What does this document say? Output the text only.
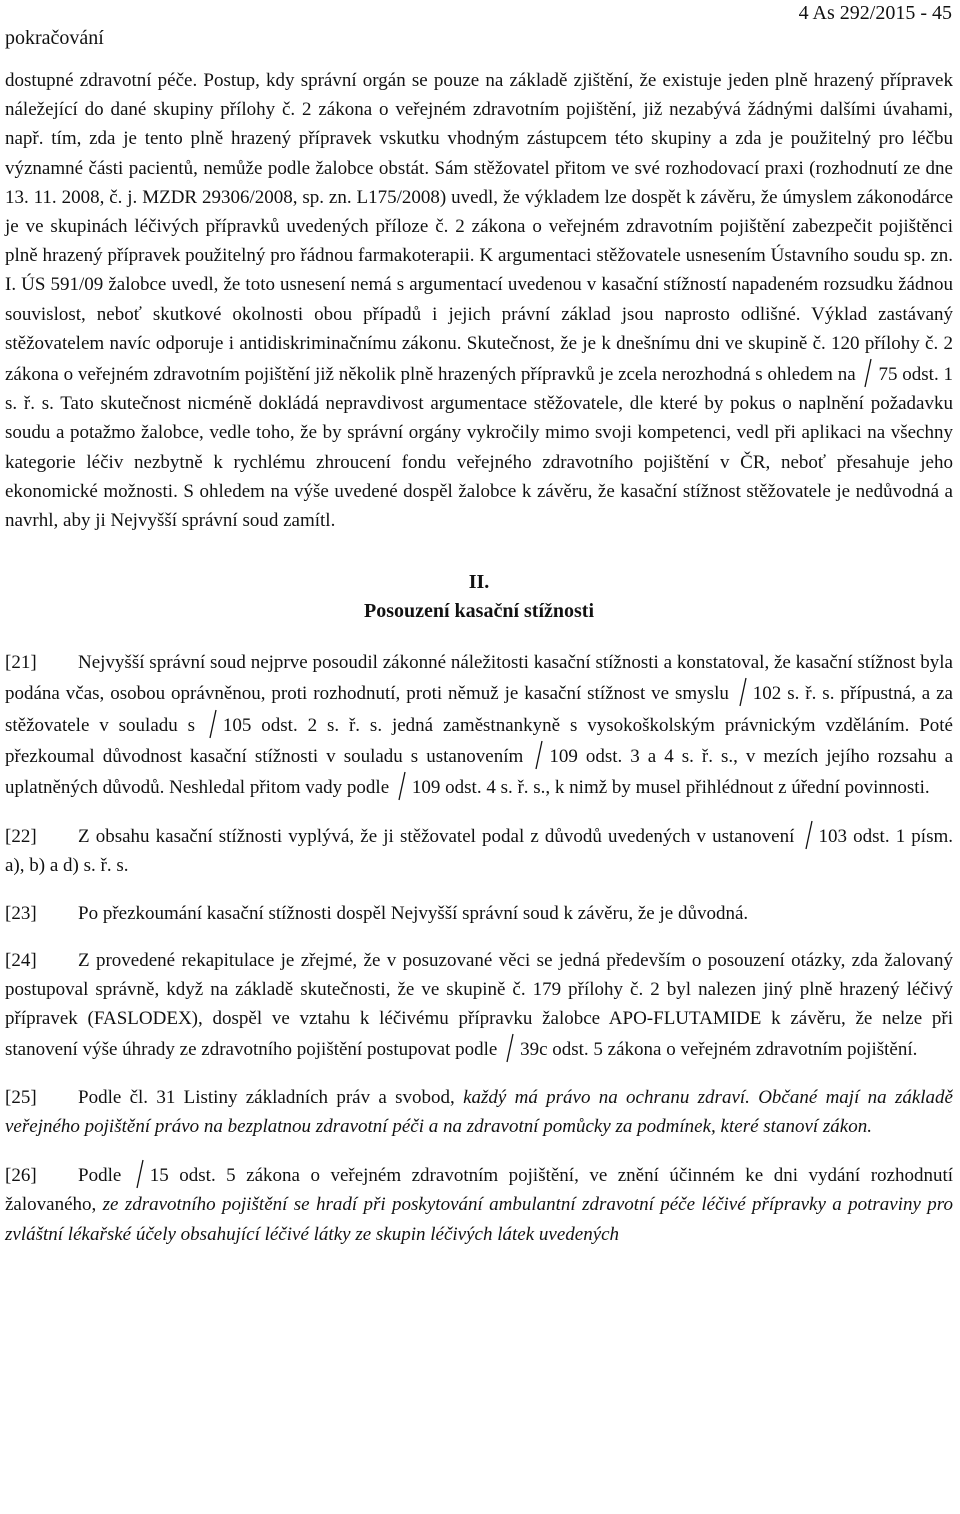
pokračování
4 As 292/2015 - 45

dostupné zdravotní péče. Postup, kdy správní orgán se pouze na základě zjištění, že existuje jeden plně hrazený přípravek náležející do dané skupiny přílohy č. 2 zákona o veřejném zdravotním pojištění, již nezabývá žádnými dalšími úvahami, např. tím, zda je tento plně hrazený přípravek vskutku vhodným zástupcem této skupiny a zda je použitelný pro léčbu významné části pacientů, nemůže podle žalobce obstát. Sám stěžovatel přitom ve své rozhodovací praxi (rozhodnutí ze dne 13. 11. 2008, č. j. MZDR 29306/2008, sp. zn. L175/2008) uvedl, že výkladem lze dospět k závěru, že úmyslem zákonodárce je ve skupinách léčivých přípravků uvedených příloze č. 2 zákona o veřejném zdravotním pojištění zabezpečit pojištěnci plně hrazený přípravek použitelný pro řádnou farmakoterapii. K argumentaci stěžovatele usnesením Ústavního soudu sp. zn. I. ÚS 591/09 žalobce uvedl, že toto usnesení nemá s argumentací uvedenou v kasační stížností napadeném rozsudku žádnou souvislost, neboť skutkové okolnosti obou případů i jejich právní základ jsou naprosto odlišné. Výklad zastávaný stěžovatelem navíc odporuje i antidiskriminačnímu zákonu. Skutečnost, že je k dnešnímu dni ve skupině č. 120 přílohy č. 2 zákona o veřejném zdravotním pojištění již několik plně hrazených přípravků je zcela nerozhodná s ohledem na 75 odst. 1 s. ř. s. Tato skutečnost nicméně dokládá nepravdivost argumentace stěžovatele, dle které by pokus o naplnění požadavku soudu a potažmo žalobce, vedle toho, že by správní orgány vykročily mimo svoji kompetenci, vedl při aplikaci na všechny kategorie léčiv nezbytně k rychlému zhroucení fondu veřejného zdravotního pojištění v ČR, neboť přesahuje jeho ekonomické možnosti. S ohledem na výše uvedené dospěl žalobce k závěru, že kasační stížnost stěžovatele je nedůvodná a navrhl, aby ji Nejvyšší správní soud zamítl.

II.

Posouzení kasační stížnosti

[21] Nejvyšší správní soud nejprve posoudil zákonné náležitosti kasační stížnosti a konstatoval, že kasační stížnost byla podána včas, osobou oprávněnou, proti rozhodnutí, proti němuž je kasační stížnost ve smyslu 102 s. ř. s. přípustná, a za stěžovatele v souladu s 105 odst. 2 s. ř. s. jedná zaměstnankyně s vysokoškolským právnickým vzděláním. Poté přezkoumal důvodnost kasační stížnosti v souladu s ustanovením 109 odst. 3 a 4 s. ř. s., v mezích jejího rozsahu a uplatněných důvodů. Neshledal přitom vady podle 109 odst. 4 s. ř. s., k nimž by musel přihlédnout z úřední povinnosti.

[22] Z obsahu kasační stížnosti vyplývá, že ji stěžovatel podal z důvodů uvedených v ustanovení 103 odst. 1 písm. a), b) a d) s. ř. s.

[23] Po přezkoumání kasační stížnosti dospěl Nejvyšší správní soud k závěru, že je důvodná.

[24] Z provedené rekapitulace je zřejmé, že v posuzované věci se jedná především o posouzení otázky, zda žalovaný postupoval správně, když na základě skutečnosti, že ve skupině č. 179 přílohy č. 2 byl nalezen jiný plně hrazený léčivý přípravek (FASLODEX), dospěl ve vztahu k léčivému přípravku žalobce APO-FLUTAMIDE k závěru, že nelze při stanovení výše úhrady ze zdravotního pojištění postupovat podle 39c odst. 5 zákona o veřejném zdravotním pojištění.

[25] Podle čl. 31 Listiny základních práv a svobod, každý má právo na ochranu zdraví. Občané mají na základě veřejného pojištění právo na bezplatnou zdravotní péči a na zdravotní pomůcky za podmínek, které stanoví zákon.

[26] Podle 15 odst. 5 zákona o veřejném zdravotním pojištění, ve znění účinném ke dni vydání rozhodnutí žalovaného, ze zdravotního pojištění se hradí při poskytování ambulantní zdravotní péče léčivé přípravky a potraviny pro zvláštní lékařské účely obsahující léčivé látky ze skupin léčivých látek uvedených
